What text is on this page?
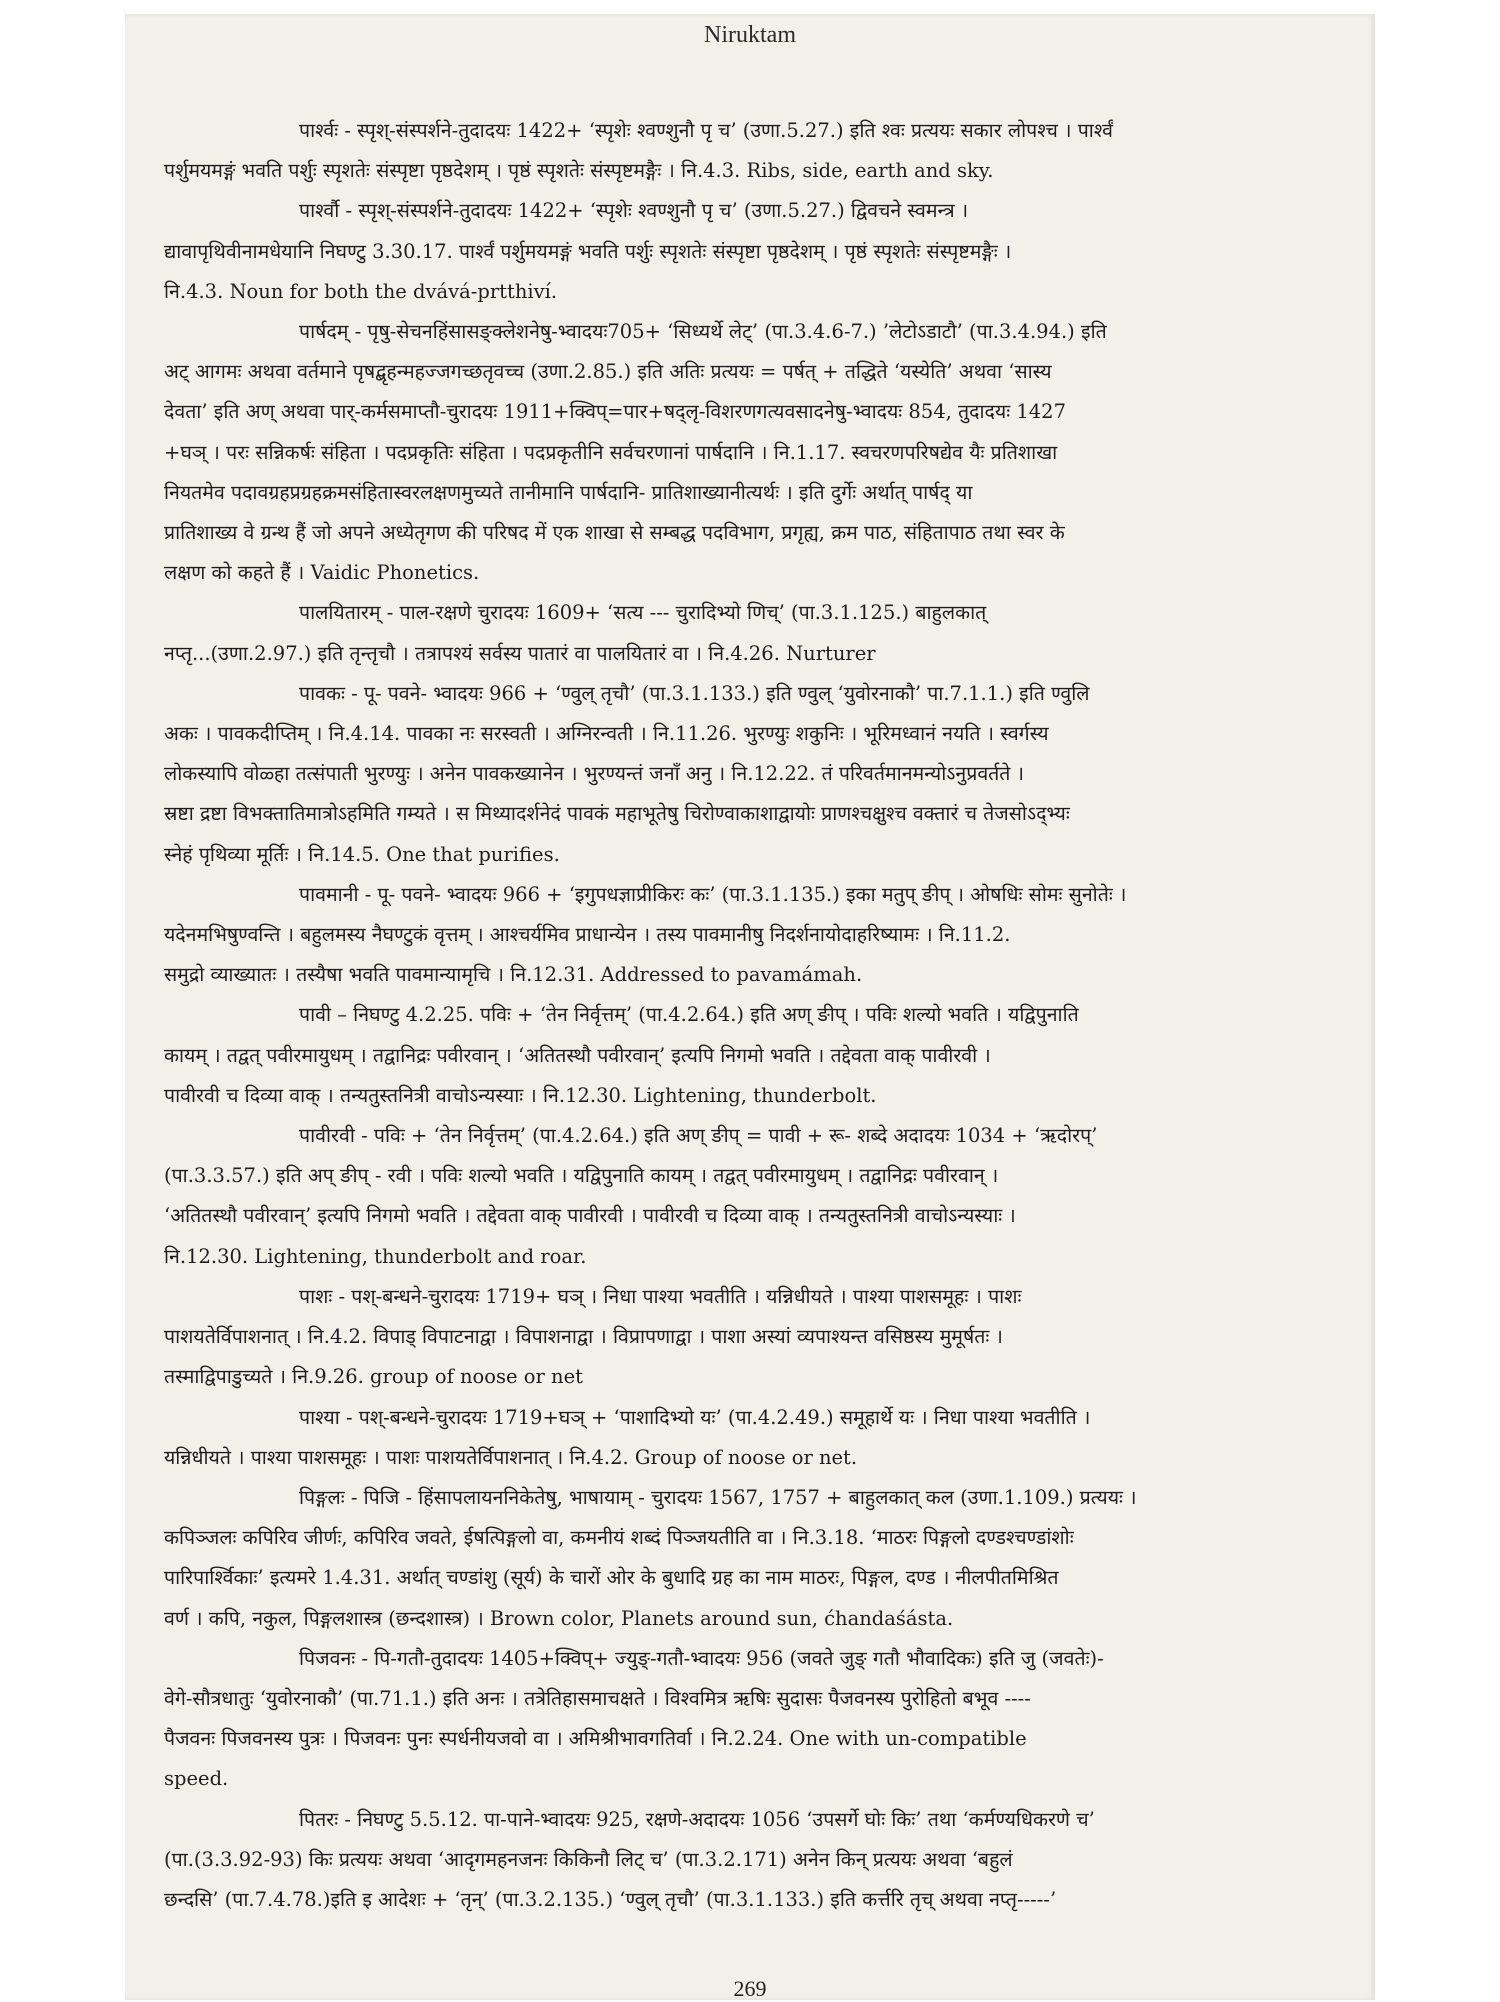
Niruktam
पार्श्वः - स्पृश्-संस्पर्शने-तुदादयः 1422+ ‘स्पृशेः श्वण्शुनौ पृ च’ (उणा.5.27.) इति श्वः प्रत्ययः सकार लोपश्च । पार्श्वं
पर्शुमयमङ्गं भवति पर्शुः स्पृशतेः संस्पृष्टा पृष्ठदेशम् । पृष्ठं स्पृशतेः संस्पृष्टमङ्गैः । नि.4.3. Ribs, side, earth and sky.
पार्श्वौ - स्पृश्-संस्पर्शने-तुदादयः 1422+ ‘स्पृशेः श्वण्शुनौ पृ च’ (उणा.5.27.) द्विवचने स्वमन्त्र ।
द्यावापृथिवीनामधेयानि निघण्टु 3.30.17. पार्श्वं पर्शुमयमङ्गं भवति पर्शुः स्पृशतेः संस्पृष्टा पृष्ठदेशम् । पृष्ठं स्पृशतेः संस्पृष्टमङ्गैः ।
नि.4.3. Noun for both the dvává-prtthiví.
पार्षदम् - पृषु-सेचनहिंसासङ्क्लेशनेषु-भ्वादयः705+ ‘सिध्यर्थे लेट्’ (पा.3.4.6-7.) ’लेटोऽडाटौ’ (पा.3.4.94.) इति
अट् आगमः अथवा वर्तमाने पृषद्बृहन्महज्जगच्छतृवच्च (उणा.2.85.) इति अतिः प्रत्ययः = पर्षत् + तद्धिते ‘यस्येति’ अथवा ‘सास्य
देवता’ इति अण् अथवा पार्-कर्मसमाप्तौ-चुरादयः 1911+क्विप्=पार+षद्लृ-विशरणगत्यवसादनेषु-भ्वादयः 854, तुदादयः 1427
+घञ् । परः सन्निकर्षः संहिता । पदप्रकृतिः संहिता । पदप्रकृतीनि सर्वचरणानां पार्षदानि । नि.1.17. स्वचरणपरिषद्येव यैः प्रतिशाखा
नियतमेव पदावग्रहप्रग्रहक्रमसंहितास्वरलक्षणमुच्यते तानीमानि पार्षदानि- प्रातिशाख्यानीत्यर्थः । इति दुर्गेः अर्थात् पार्षद् या
प्रातिशाख्य वे ग्रन्थ हैं जो अपने अध्येतृगण की परिषद में एक शाखा से सम्बद्ध पदविभाग, प्रगृह्य, क्रम पाठ, संहितापाठ तथा स्वर के
लक्षण को कहते हैं । Vaidic Phonetics.
पालयितारम् - पाल-रक्षणे चुरादयः 1609+ ‘सत्य --- चुरादिभ्यो णिच्’ (पा.3.1.125.) बाहुलकात्
नप्तृ...(उणा.2.97.) इति तृन्तृचौ । तत्रापश्यं सर्वस्य पातारं वा पालयितारं वा । नि.4.26. Nurturer
पावकः - पू- पवने- भ्वादयः 966 + ‘ण्वुल् तृचौ’ (पा.3.1.133.) इति ण्वुल् ‘युवोरनाकौ’ पा.7.1.1.) इति ण्वुलि
अकः । पावकदीप्तिम् । नि.4.14. पावका नः सरस्वती । अग्निरन्वती । नि.11.26. भुरण्युः शकुनिः । भूरिमध्वानं नयति । स्वर्गस्य
लोकस्यापि वोळ्हा तत्संपाती भुरण्युः । अनेन पावकख्यानेन । भुरण्यन्तं जनाँ अनु । नि.12.22. तं परिवर्तमानमन्योऽनुप्रवर्तते ।
स्रष्टा द्रष्टा विभक्तातिमात्रोऽहमिति गम्यते । स मिथ्यादर्शनेदं पावकं महाभूतेषु चिरोण्वाकाशाद्वायोः प्राणश्चक्षुश्च वक्तारं च तेजसोऽद्भ्यः
स्नेहं पृथिव्या मूर्तिः । नि.14.5. One that purifies.
पावमानी - पू- पवने- भ्वादयः 966 + ‘इगुपधज्ञाप्रीकिरः कः’ (पा.3.1.135.) इका मतुप् ङीप् । ओषधिः सोमः सुनोतेः ।
यदेनमभिषुण्वन्ति । बहुलमस्य नैघण्टुकं वृत्तम् । आश्चर्यमिव प्राधान्येन । तस्य पावमानीषु निदर्शनायोदाहरिष्यामः । नि.11.2.
समुद्रो व्याख्यातः । तस्यैषा भवति पावमान्यामृचि । नि.12.31. Addressed to pavamámah.
पावी – निघण्टु 4.2.25. पविः + ‘तेन निर्वृत्तम्’ (पा.4.2.64.) इति अण् ङीप् । पविः शल्यो भवति । यद्विपुनाति
कायम् । तद्वत् पवीरमायुधम् । तद्वानिद्रः पवीरवान् । ‘अतितस्थौ पवीरवान्’ इत्यपि निगमो भवति । तद्देवता वाक् पावीरवी ।
पावीरवी च दिव्या वाक् । तन्यतुस्तनित्री वाचोऽन्यस्याः । नि.12.30. Lightening, thunderbolt.
पावीरवी - पविः + ‘तेन निर्वृत्तम्’ (पा.4.2.64.) इति अण् ङीप् = पावी + रू- शब्दे अदादयः 1034 + ‘ऋदोरप्’
(पा.3.3.57.) इति अप् ङीप् - रवी । पविः शल्यो भवति । यद्विपुनाति कायम् । तद्वत् पवीरमायुधम् । तद्वानिद्रः पवीरवान् ।
‘अतितस्थौ पवीरवान्’ इत्यपि निगमो भवति । तद्देवता वाक् पावीरवी । पावीरवी च दिव्या वाक् । तन्यतुस्तनित्री वाचोऽन्यस्याः ।
नि.12.30. Lightening, thunderbolt and roar.
पाशः - पश्-बन्धने-चुरादयः 1719+ घञ् । निधा पाश्या भवतीति । यन्निधीयते । पाश्या पाशसमूहः । पाशः
पाशयतेर्विपाशनात् । नि.4.2. विपाड् विपाटनाद्वा । विपाशनाद्वा । विप्रापणाद्वा । पाशा अस्यां व्यपाश्यन्त वसिष्ठस्य मुमूर्षतः ।
तस्माद्विपाडुच्यते । नि.9.26. group of noose or net
पाश्या - पश्-बन्धने-चुरादयः 1719+घञ् + ‘पाशादिभ्यो यः’ (पा.4.2.49.) समूहार्थे यः । निधा पाश्या भवतीति ।
यन्निधीयते । पाश्या पाशसमूहः । पाशः पाशयतेर्विपाशनात् । नि.4.2. Group of noose or net.
पिङ्गलः - पिजि - हिंसापलायननिकेतेषु, भाषायाम् - चुरादयः 1567, 1757 + बाहुलकात् कल (उणा.1.109.) प्रत्ययः ।
कपिञ्जलः कपिरिव जीर्णः, कपिरिव जवते, ईषत्पिङ्गलो वा, कमनीयं शब्दं पिञ्जयतीति वा । नि.3.18. ‘माठरः पिङ्गलो दण्डश्चण्डांशोः
पारिपार्श्विकाः’ इत्यमरे 1.4.31. अर्थात् चण्डांशु (सूर्य) के चारों ओर के बुधादि ग्रह का नाम माठरः, पिङ्गल, दण्ड । नीलपीतमिश्रित
वर्ण । कपि, नकुल, पिङ्गलशास्त्र (छन्दशास्त्र) । Brown color, Planets around sun, ćhandaśásta.
पिजवनः - पि-गतौ-तुदादयः 1405+क्विप्+ ज्युङ्-गतौ-भ्वादयः 956 (जवते जुङ् गतौ भौवादिकः) इति जु (जवतेः)-
वेगे-सौत्रधातुः ‘युवोरनाकौ’ (पा.71.1.) इति अनः । तत्रेतिहासमाचक्षते । विश्वमित्र ऋषिः सुदासः पैजवनस्य पुरोहितो बभूव ----
पैजवनः पिजवनस्य पुत्रः । पिजवनः पुनः स्पर्धनीयजवो वा । अमिश्रीभावगतिर्वा । नि.2.24. One with un-compatible
speed.
पितरः - निघण्टु 5.5.12. पा-पाने-भ्वादयः 925, रक्षणे-अदादयः 1056 ‘उपसर्गे घोः किः’ तथा ‘कर्मण्यधिकरणे च’
(पा.(3.3.92-93) किः प्रत्ययः अथवा ‘आदृगमहनजनः किकिनौ लिट् च’ (पा.3.2.171) अनेन किन् प्रत्ययः अथवा ‘बहुलं
छन्दसि’ (पा.7.4.78.)इति इ आदेशः + ‘तृन्’ (पा.3.2.135.) ‘ण्वुल् तृचौ’ (पा.3.1.133.) इति कर्त्तरि तृच् अथवा नप्तृ-----’
269
